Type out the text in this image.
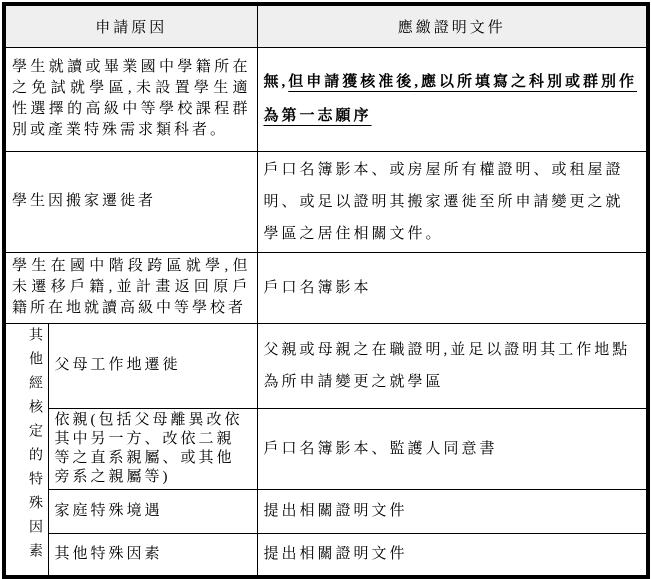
申請原因		應繳證明文件
學生就讀或畢業國中學籍所在之免試就學區,未設置學生適性選擇的高級中等學校課程群別或產業特殊需求類科者。		無,但申請獲核准後,應以所填寫之科別或群別作為第一志願序
學生因搬家遷徙者		戶口名簿影本、或房屋所有權證明、或租屋證明、或足以證明其搬家遷徙至所申請變更之就學區之居住相關文件。
學生在國中階段跨區就學,但未遷移戶籍,並計畫返回原戶籍所在地就讀高級中等學校者		戶口名簿影本
其他經核定的特殊因素	父母工作地遷徙	父親或母親之在職證明,並足以證明其工作地點為所申請變更之就學區
	依親(包括父母離異改依其中另一方、改依二親等之直系親屬、或其他旁系之親屬等)	戶口名簿影本、監護人同意書
	家庭特殊境遇	提出相關證明文件
	其他特殊因素	提出相關證明文件
